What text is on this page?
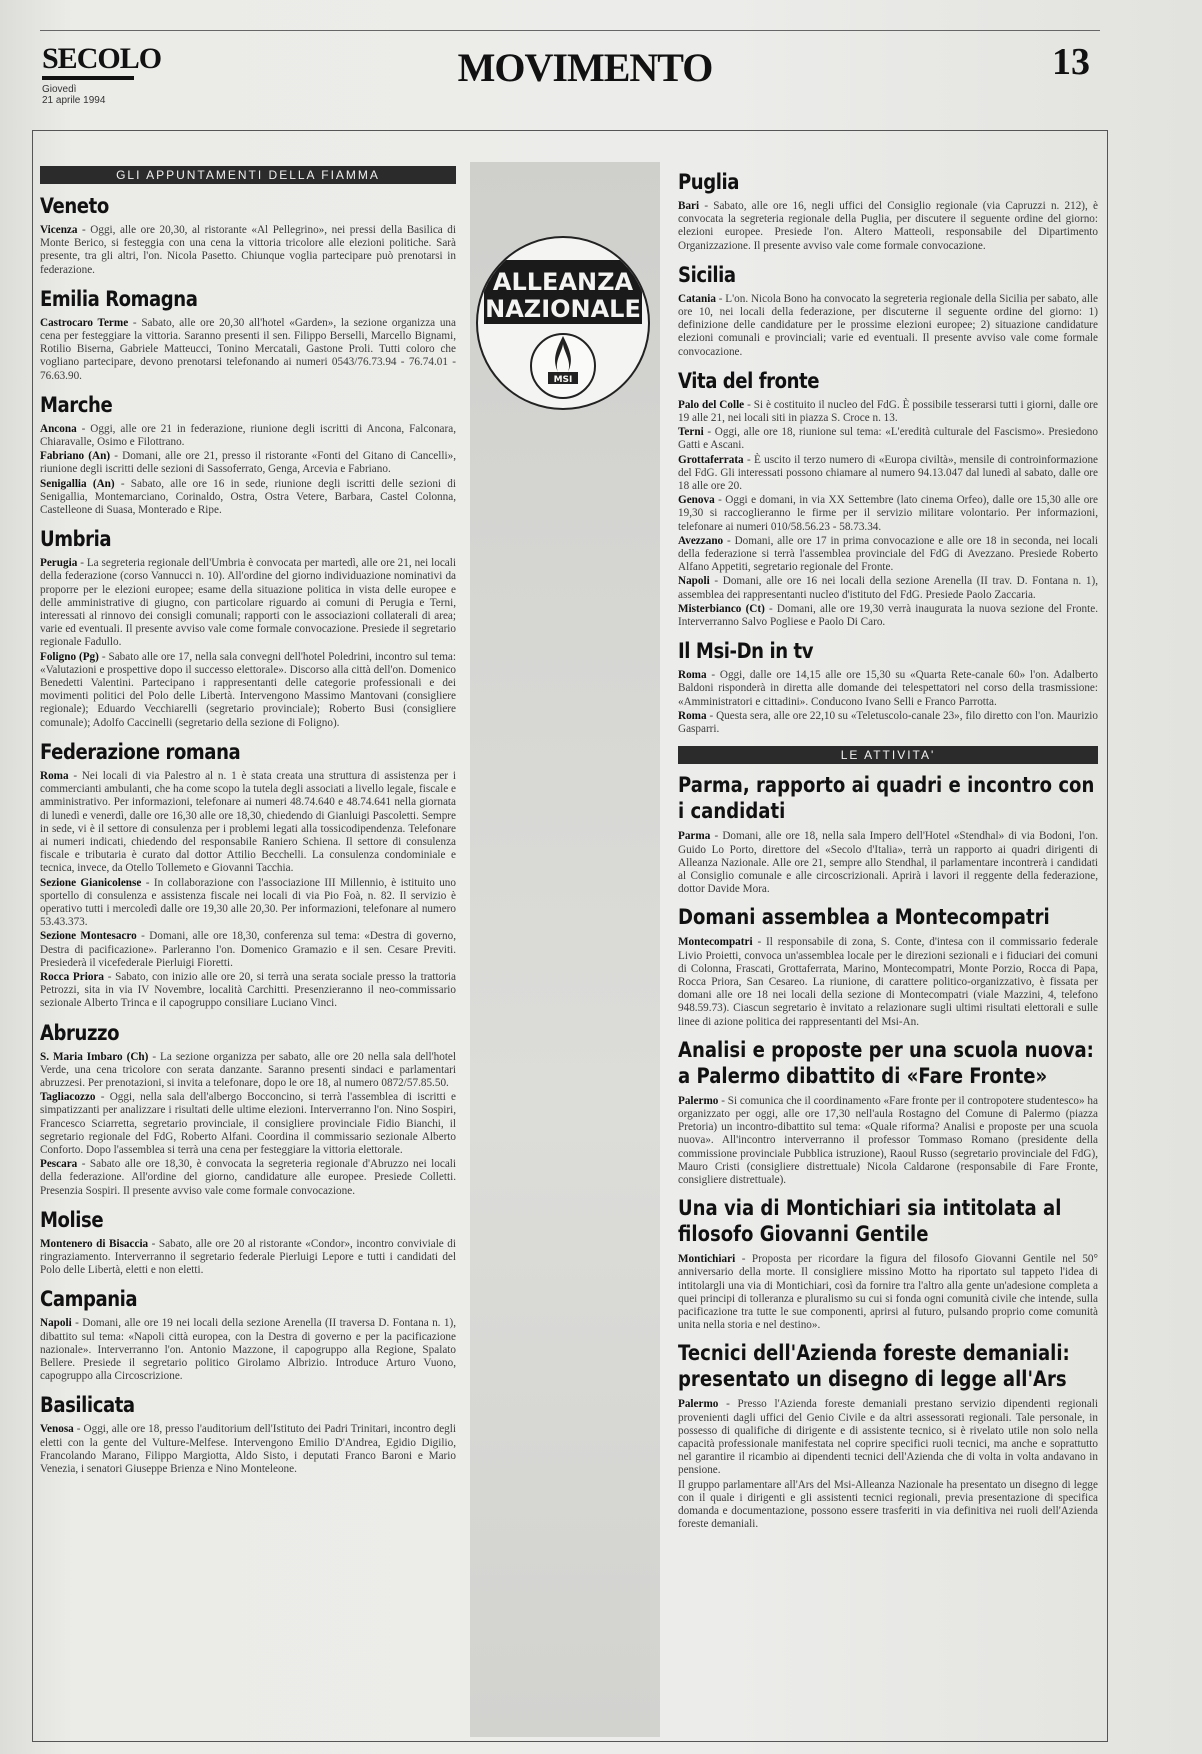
SECOLO
Giovedì
21 aprile 1994
MOVIMENTO	13
GLI APPUNTAMENTI DELLA FIAMMA
Veneto

Vicenza - Oggi, alle ore 20,30, al ristorante «Al Pellegrino», nei pressi della Basilica di Monte Berico, si festeggia con una cena la vittoria tricolore alle elezioni politiche. Sarà presente, tra gli altri, l'on. Nicola Pasetto. Chiunque voglia partecipare può prenotarsi in federazione.

Emilia Romagna

Castrocaro Terme - Sabato, alle ore 20,30 all'hotel «Garden», la sezione organizza una cena per festeggiare la vittoria. Saranno presenti il sen. Filippo Berselli, Marcello Bignami, Rotilio Biserna, Gabriele Matteucci, Tonino Mercatali, Gastone Proli. Tutti coloro che vogliano partecipare, devono prenotarsi telefonando ai numeri 0543/76.73.94 - 76.74.01 - 76.63.90.

Marche

Ancona - Oggi, alle ore 21 in federazione, riunione degli iscritti di Ancona, Falconara, Chiaravalle, Osimo e Filottrano.

Fabriano (An) - Domani, alle ore 21, presso il ristorante «Fonti del Gitano di Cancelli», riunione degli iscritti delle sezioni di Sassoferrato, Genga, Arcevia e Fabriano.

Senigallia (An) - Sabato, alle ore 16 in sede, riunione degli iscritti delle sezioni di Senigallia, Montemarciano, Corinaldo, Ostra, Ostra Vetere, Barbara, Castel Colonna, Castelleone di Suasa, Monterado e Ripe.

Umbria

Perugia - La segreteria regionale dell'Umbria è convocata per martedì, alle ore 21, nei locali della federazione (corso Vannucci n. 10). All'ordine del giorno individuazione nominativi da proporre per le elezioni europee; esame della situazione politica in vista delle europee e delle amministrative di giugno, con particolare riguardo ai comuni di Perugia e Terni, interessati al rinnovo dei consigli comunali; rapporti con le associazioni collaterali di area; varie ed eventuali. Il presente avviso vale come formale convocazione. Presiede il segretario regionale Fadullo.

Foligno (Pg) - Sabato alle ore 17, nella sala convegni dell'hotel Poledrini, incontro sul tema: «Valutazioni e prospettive dopo il successo elettorale». Discorso alla città dell'on. Domenico Benedetti Valentini. Partecipano i rappresentanti delle categorie professionali e dei movimenti politici del Polo delle Libertà. Intervengono Massimo Mantovani (consigliere regionale); Eduardo Vecchiarelli (segretario provinciale); Roberto Busi (consigliere comunale); Adolfo Caccinelli (segretario della sezione di Foligno).

Federazione romana

Roma - Nei locali di via Palestro al n. 1 è stata creata una struttura di assistenza per i commercianti ambulanti, che ha come scopo la tutela degli associati a livello legale, fiscale e amministrativo. Per informazioni, telefonare ai numeri 48.74.640 e 48.74.641 nella giornata di lunedì e venerdì, dalle ore 16,30 alle ore 18,30, chiedendo di Gianluigi Pascoletti. Sempre in sede, vi è il settore di consulenza per i problemi legati alla tossicodipendenza. Telefonare ai numeri indicati, chiedendo del responsabile Raniero Schiena. Il settore di consulenza fiscale e tributaria è curato dal dottor Attilio Becchelli. La consulenza condominiale e tecnica, invece, da Otello Tollemeto e Giovanni Tacchia.

Sezione Gianicolense - In collaborazione con l'associazione III Millennio, è istituito uno sportello di consulenza e assistenza fiscale nei locali di via Pio Foà, n. 82. Il servizio è operativo tutti i mercoledì dalle ore 19,30 alle 20,30. Per informazioni, telefonare al numero 53.43.373.

Sezione Montesacro - Domani, alle ore 18,30, conferenza sul tema: «Destra di governo, Destra di pacificazione». Parleranno l'on. Domenico Gramazio e il sen. Cesare Previti. Presiederà il vicefederale Pierluigi Fioretti.

Rocca Priora - Sabato, con inizio alle ore 20, si terrà una serata sociale presso la trattoria Petrozzi, sita in via IV Novembre, località Carchitti. Presenzieranno il neo-commissario sezionale Alberto Trinca e il capogruppo consiliare Luciano Vinci.

Abruzzo

S. Maria Imbaro (Ch) - La sezione organizza per sabato, alle ore 20 nella sala dell'hotel Verde, una cena tricolore con serata danzante. Saranno presenti sindaci e parlamentari abruzzesi. Per prenotazioni, si invita a telefonare, dopo le ore 18, al numero 0872/57.85.50.

Tagliacozzo - Oggi, nella sala dell'albergo Bocconcino, si terrà l'assemblea di iscritti e simpatizzanti per analizzare i risultati delle ultime elezioni. Interverranno l'on. Nino Sospiri, Francesco Sciarretta, segretario provinciale, il consigliere provinciale Fidio Bianchi, il segretario regionale del FdG, Roberto Alfani. Coordina il commissario sezionale Alberto Conforto. Dopo l'assemblea si terrà una cena per festeggiare la vittoria elettorale.

Pescara - Sabato alle ore 18,30, è convocata la segreteria regionale d'Abruzzo nei locali della federazione. All'ordine del giorno, candidature alle europee. Presiede Colletti. Presenzia Sospiri. Il presente avviso vale come formale convocazione.

Molise

Montenero di Bisaccia - Sabato, alle ore 20 al ristorante «Condor», incontro conviviale di ringraziamento. Interverranno il segretario federale Pierluigi Lepore e tutti i candidati del Polo delle Libertà, eletti e non eletti.

Campania

Napoli - Domani, alle ore 19 nei locali della sezione Arenella (II traversa D. Fontana n. 1), dibattito sul tema: «Napoli città europea, con la Destra di governo e per la pacificazione nazionale». Interverranno l'on. Antonio Mazzone, il capogruppo alla Regione, Spalato Bellere. Presiede il segretario politico Girolamo Albrizio. Introduce Arturo Vuono, capogruppo alla Circoscrizione.

Basilicata

Venosa - Oggi, alle ore 18, presso l'auditorium dell'Istituto dei Padri Trinitari, incontro degli eletti con la gente del Vulture-Melfese. Intervengono Emilio D'Andrea, Egidio Digilio, Francolando Marano, Filippo Margiotta, Aldo Sisto, i deputati Franco Baroni e Mario Venezia, i senatori Giuseppe Brienza e Nino Monteleone.

ALLEANZA
NAZIONALE
MSI
Puglia

Bari - Sabato, alle ore 16, negli uffici del Consiglio regionale (via Capruzzi n. 212), è convocata la segreteria regionale della Puglia, per discutere il seguente ordine del giorno: elezioni europee. Presiede l'on. Altero Matteoli, responsabile del Dipartimento Organizzazione. Il presente avviso vale come formale convocazione.

Sicilia

Catania - L'on. Nicola Bono ha convocato la segreteria regionale della Sicilia per sabato, alle ore 10, nei locali della federazione, per discuterne il seguente ordine del giorno: 1) definizione delle candidature per le prossime elezioni europee; 2) situazione candidature elezioni comunali e provinciali; varie ed eventuali. Il presente avviso vale come formale convocazione.

Vita del fronte

Palo del Colle - Si è costituito il nucleo del FdG. È possibile tesserarsi tutti i giorni, dalle ore 19 alle 21, nei locali siti in piazza S. Croce n. 13.

Terni - Oggi, alle ore 18, riunione sul tema: «L'eredità culturale del Fascismo». Presiedono Gatti e Ascani.

Grottaferrata - È uscito il terzo numero di «Europa civiltà», mensile di controinformazione del FdG. Gli interessati possono chiamare al numero 94.13.047 dal lunedì al sabato, dalle ore 18 alle ore 20.

Genova - Oggi e domani, in via XX Settembre (lato cinema Orfeo), dalle ore 15,30 alle ore 19,30 si raccoglieranno le firme per il servizio militare volontario. Per informazioni, telefonare ai numeri 010/58.56.23 - 58.73.34.

Avezzano - Domani, alle ore 17 in prima convocazione e alle ore 18 in seconda, nei locali della federazione si terrà l'assemblea provinciale del FdG di Avezzano. Presiede Roberto Alfano Appetiti, segretario regionale del Fronte.

Napoli - Domani, alle ore 16 nei locali della sezione Arenella (II trav. D. Fontana n. 1), assemblea dei rappresentanti nucleo d'istituto del FdG. Presiede Paolo Zaccaria.

Misterbianco (Ct) - Domani, alle ore 19,30 verrà inaugurata la nuova sezione del Fronte. Interverranno Salvo Pogliese e Paolo Di Caro.

Il Msi-Dn in tv

Roma - Oggi, dalle ore 14,15 alle ore 15,30 su «Quarta Rete-canale 60» l'on. Adalberto Baldoni risponderà in diretta alle domande dei telespettatori nel corso della trasmissione: «Amministratori e cittadini». Conducono Ivano Selli e Franco Parrotta.

Roma - Questa sera, alle ore 22,10 su «Teletuscolo-canale 23», filo diretto con l'on. Maurizio Gasparri.

LE ATTIVITA'
Parma, rapporto ai quadri e incontro con i candidati

Parma - Domani, alle ore 18, nella sala Impero dell'Hotel «Stendhal» di via Bodoni, l'on. Guido Lo Porto, direttore del «Secolo d'Italia», terrà un rapporto ai quadri dirigenti di Alleanza Nazionale. Alle ore 21, sempre allo Stendhal, il parlamentare incontrerà i candidati al Consiglio comunale e alle circoscrizionali. Aprirà i lavori il reggente della federazione, dottor Davide Mora.

Domani assemblea a Montecompatri

Montecompatri - Il responsabile di zona, S. Conte, d'intesa con il commissario federale Livio Proietti, convoca un'assemblea locale per le direzioni sezionali e i fiduciari dei comuni di Colonna, Frascati, Grottaferrata, Marino, Montecompatri, Monte Porzio, Rocca di Papa, Rocca Priora, San Cesareo. La riunione, di carattere politico-organizzativo, è fissata per domani alle ore 18 nei locali della sezione di Montecompatri (viale Mazzini, 4, telefono 948.59.73). Ciascun segretario è invitato a relazionare sugli ultimi risultati elettorali e sulle linee di azione politica dei rappresentanti del Msi-An.

Analisi e proposte per una scuola nuova: a Palermo dibattito di «Fare Fronte»

Palermo - Si comunica che il coordinamento «Fare fronte per il contropotere studentesco» ha organizzato per oggi, alle ore 17,30 nell'aula Rostagno del Comune di Palermo (piazza Pretoria) un incontro-dibattito sul tema: «Quale riforma? Analisi e proposte per una scuola nuova». All'incontro interverranno il professor Tommaso Romano (presidente della commissione provinciale Pubblica istruzione), Raoul Russo (segretario provinciale del FdG), Mauro Cristi (consigliere distrettuale) Nicola Caldarone (responsabile di Fare Fronte, consigliere distrettuale).

Una via di Montichiari sia intitolata al filosofo Giovanni Gentile

Montichiari - Proposta per ricordare la figura del filosofo Giovanni Gentile nel 50° anniversario della morte. Il consigliere missino Motto ha riportato sul tappeto l'idea di intitolargli una via di Montichiari, così da fornire tra l'altro alla gente un'adesione completa a quei principi di tolleranza e pluralismo su cui si fonda ogni comunità civile che intende, sulla pacificazione tra tutte le sue componenti, aprirsi al futuro, pulsando proprio come comunità unita nella storia e nel destino».

Tecnici dell'Azienda foreste demaniali: presentato un disegno di legge all'Ars

Palermo - Presso l'Azienda foreste demaniali prestano servizio dipendenti regionali provenienti dagli uffici del Genio Civile e da altri assessorati regionali. Tale personale, in possesso di qualifiche di dirigente e di assistente tecnico, si è rivelato utile non solo nella capacità professionale manifestata nel coprire specifici ruoli tecnici, ma anche e soprattutto nel garantire il ricambio ai dipendenti tecnici dell'Azienda che di volta in volta andavano in pensione.

Il gruppo parlamentare all'Ars del Msi-Alleanza Nazionale ha presentato un disegno di legge con il quale i dirigenti e gli assistenti tecnici regionali, previa presentazione di specifica domanda e documentazione, possono essere trasferiti in via definitiva nei ruoli dell'Azienda foreste demaniali.
